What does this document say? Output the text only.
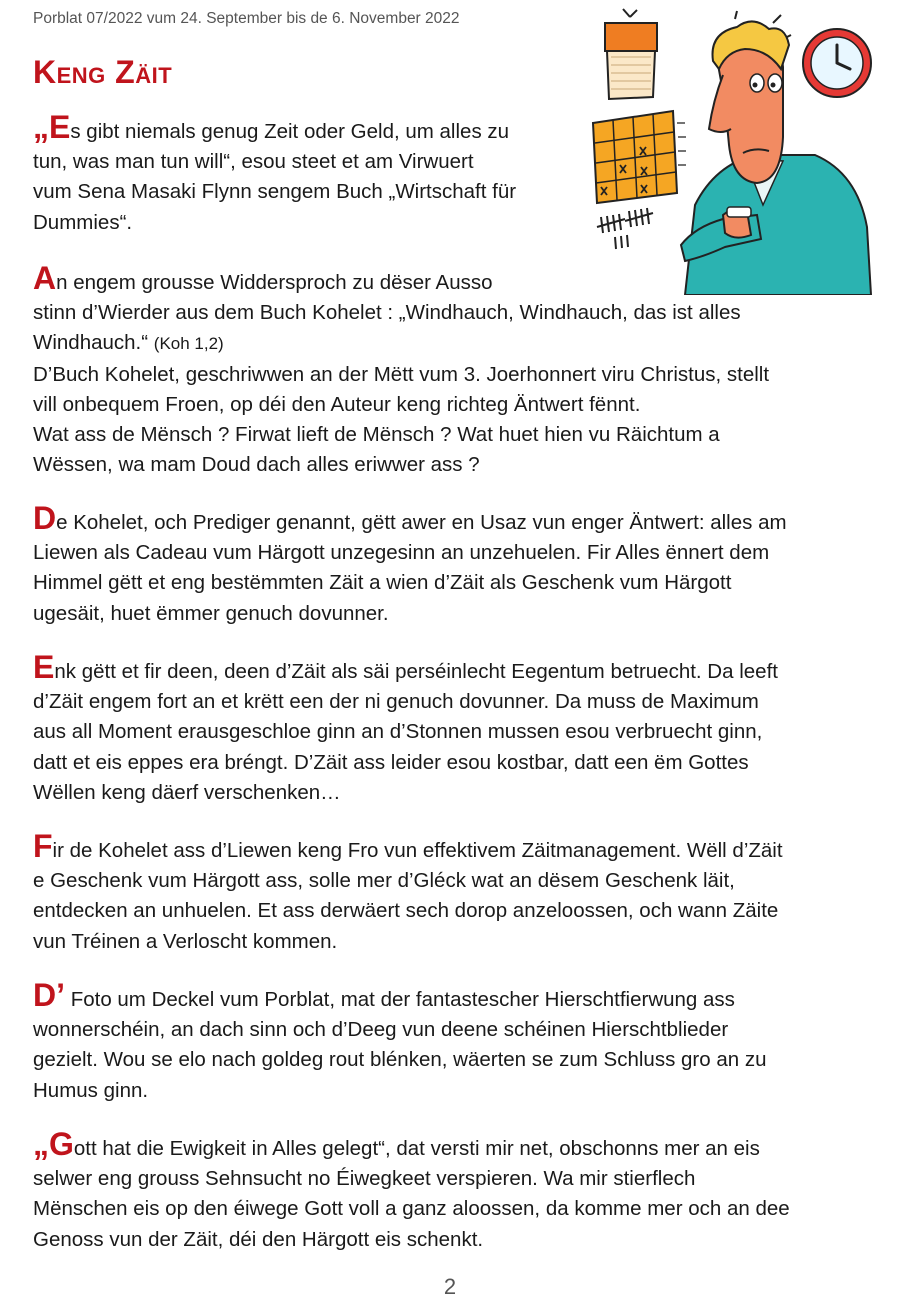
Porblat 07/2022 vum 24. September bis de 6. November 2022
Keng Zäit

„Es gibt niemals genug Zeit oder Geld, um alles zu
tun, was man tun will“, esou steet et am Virwuert
vum Sena Masaki Flynn sengem Buch „Wirtschaft für
Dummies“.

An engem grousse Widdersproch zu dëser Ausso
stinn d’Wierder aus dem Buch Kohelet : „Windhauch, Windhauch, das ist alles
Windhauch.“ (Koh 1,2)
D’Buch Kohelet, geschriwwen an der Mëtt vum 3. Joerhonnert viru Christus, stellt
vill onbequem Froen, op déi den Auteur keng richteg Äntwert fënnt.
Wat ass de Mënsch ? Firwat lieft de Mënsch ? Wat huet hien vu Räichtum a
Wëssen, wa mam Doud dach alles eriwwer ass ?

De Kohelet, och Prediger genannt, gëtt awer en Usaz vun enger Äntwert: alles am
Liewen als Cadeau vum Härgott unzegesinn an unzehuelen. Fir Alles ënnert dem
Himmel gëtt et eng bestëmmten Zäit a wien d’Zäit als Geschenk vum Härgott
ugesäit, huet ëmmer genuch dovunner.

Enk gëtt et fir deen, deen d’Zäit als säi perséinlecht Eegentum betruecht. Da leeft
d’Zäit engem fort an et krëtt een der ni genuch dovunner. Da muss de Maximum
aus all Moment erausgeschloe ginn an d’Stonnen mussen esou verbruecht ginn,
datt et eis eppes era bréngt. D’Zäit ass leider esou kostbar, datt een ëm Gottes
Wëllen keng däerf verschenken…

Fir de Kohelet ass d’Liewen keng Fro vun effektivem Zäitmanagement. Wëll d’Zäit
e Geschenk vum Härgott ass, solle mer d’Gléck wat an dësem Geschenk läit,
entdecken an unhuelen. Et ass derwäert sech dorop anzeloossen, och wann Zäite
vun Tréinen a Verloscht kommen.

D’ Foto um Deckel vum Porblat, mat der fantastescher Hierschtfierwung ass
wonnerschéin, an dach sinn och d’Deeg vun deene schéinen Hierschtblieder
gezielt. Wou se elo nach goldeg rout blénken, wäerten se zum Schluss gro an zu
Humus ginn.

„Gott hat die Ewigkeit in Alles gelegt“, dat versti mir net, obschonns mer an eis
selwer eng grouss Sehnsucht no Éiwegkeet verspieren. Wa mir stierflech
Mënschen eis op den éiwege Gott voll a ganz aloossen, da komme mer och an dee
Genoss vun der Zäit, déi den Härgott eis schenkt.

2
